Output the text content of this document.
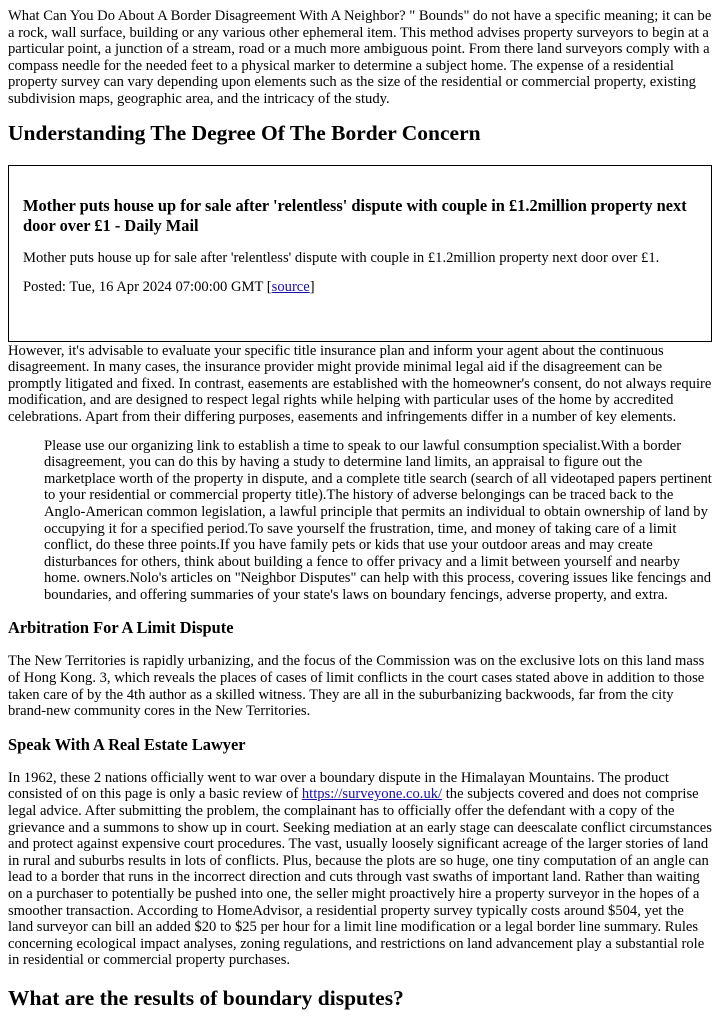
What Can You Do About A Border Disagreement With A Neighbor? " Bounds" do not have a specific meaning; it can be a rock, wall surface, building or any various other ephemeral item. This method advises property surveyors to begin at a particular point, a junction of a stream, road or a much more ambiguous point. From there land surveyors comply with a compass needle for the needed feet to a physical marker to determine a subject home. The expense of a residential property survey can vary depending upon elements such as the size of the residential or commercial property, existing subdivision maps, geographic area, and the intricacy of the study.

Understanding The Degree Of The Border Concern
Mother puts house up for sale after 'relentless' dispute with couple in £1.2million property next door over £1 - Daily Mail

Mother puts house up for sale after 'relentless' dispute with couple in £1.2million property next door over £1.

Posted: Tue, 16 Apr 2024 07:00:00 GMT [source]

However, it's advisable to evaluate your specific title insurance plan and inform your agent about the continuous disagreement. In many cases, the insurance provider might provide minimal legal aid if the disagreement can be promptly litigated and fixed. In contrast, easements are established with the homeowner's consent, do not always require modification, and are designed to respect legal rights while helping with particular uses of the home by accredited celebrations. Apart from their differing purposes, easements and infringements differ in a number of key elements.

Please use our organizing link to establish a time to speak to our lawful consumption specialist.With a border disagreement, you can do this by having a study to determine land limits, an appraisal to figure out the marketplace worth of the property in dispute, and a complete title search (search of all videotaped papers pertinent to your residential or commercial property title).The history of adverse belongings can be traced back to the Anglo-American common legislation, a lawful principle that permits an individual to obtain ownership of land by occupying it for a specified period.To save yourself the frustration, time, and money of taking care of a limit conflict, do these three points.If you have family pets or kids that use your outdoor areas and may create disturbances for others, think about building a fence to offer privacy and a limit between yourself and nearby home. owners.Nolo's articles on "Neighbor Disputes" can help with this process, covering issues like fencings and boundaries, and offering summaries of your state's laws on boundary fencings, adverse property, and extra.

Arbitration For A Limit Dispute

The New Territories is rapidly urbanizing, and the focus of the Commission was on the exclusive lots on this land mass of Hong Kong. 3, which reveals the places of cases of limit conflicts in the court cases stated above in addition to those taken care of by the 4th author as a skilled witness. They are all in the suburbanizing backwoods, far from the city brand-new community cores in the New Territories.

Speak With A Real Estate Lawyer

In 1962, these 2 nations officially went to war over a boundary dispute in the Himalayan Mountains. The product consisted of on this page is only a basic review of https://surveyone.co.uk/ the subjects covered and does not comprise legal advice. After submitting the problem, the complainant has to officially offer the defendant with a copy of the grievance and a summons to show up in court. Seeking mediation at an early stage can deescalate conflict circumstances and protect against expensive court procedures. The vast, usually loosely significant acreage of the larger stories of land in rural and suburbs results in lots of conflicts. Plus, because the plots are so huge, one tiny computation of an angle can lead to a border that runs in the incorrect direction and cuts through vast swaths of important land. Rather than waiting on a purchaser to potentially be pushed into one, the seller might proactively hire a property surveyor in the hopes of a smoother transaction. According to HomeAdvisor, a residential property survey typically costs around $504, yet the land surveyor can bill an added $20 to $25 per hour for a limit line modification or a legal border line summary. Rules concerning ecological impact analyses, zoning regulations, and restrictions on land advancement play a substantial role in residential or commercial property purchases.

What are the results of boundary disputes?
